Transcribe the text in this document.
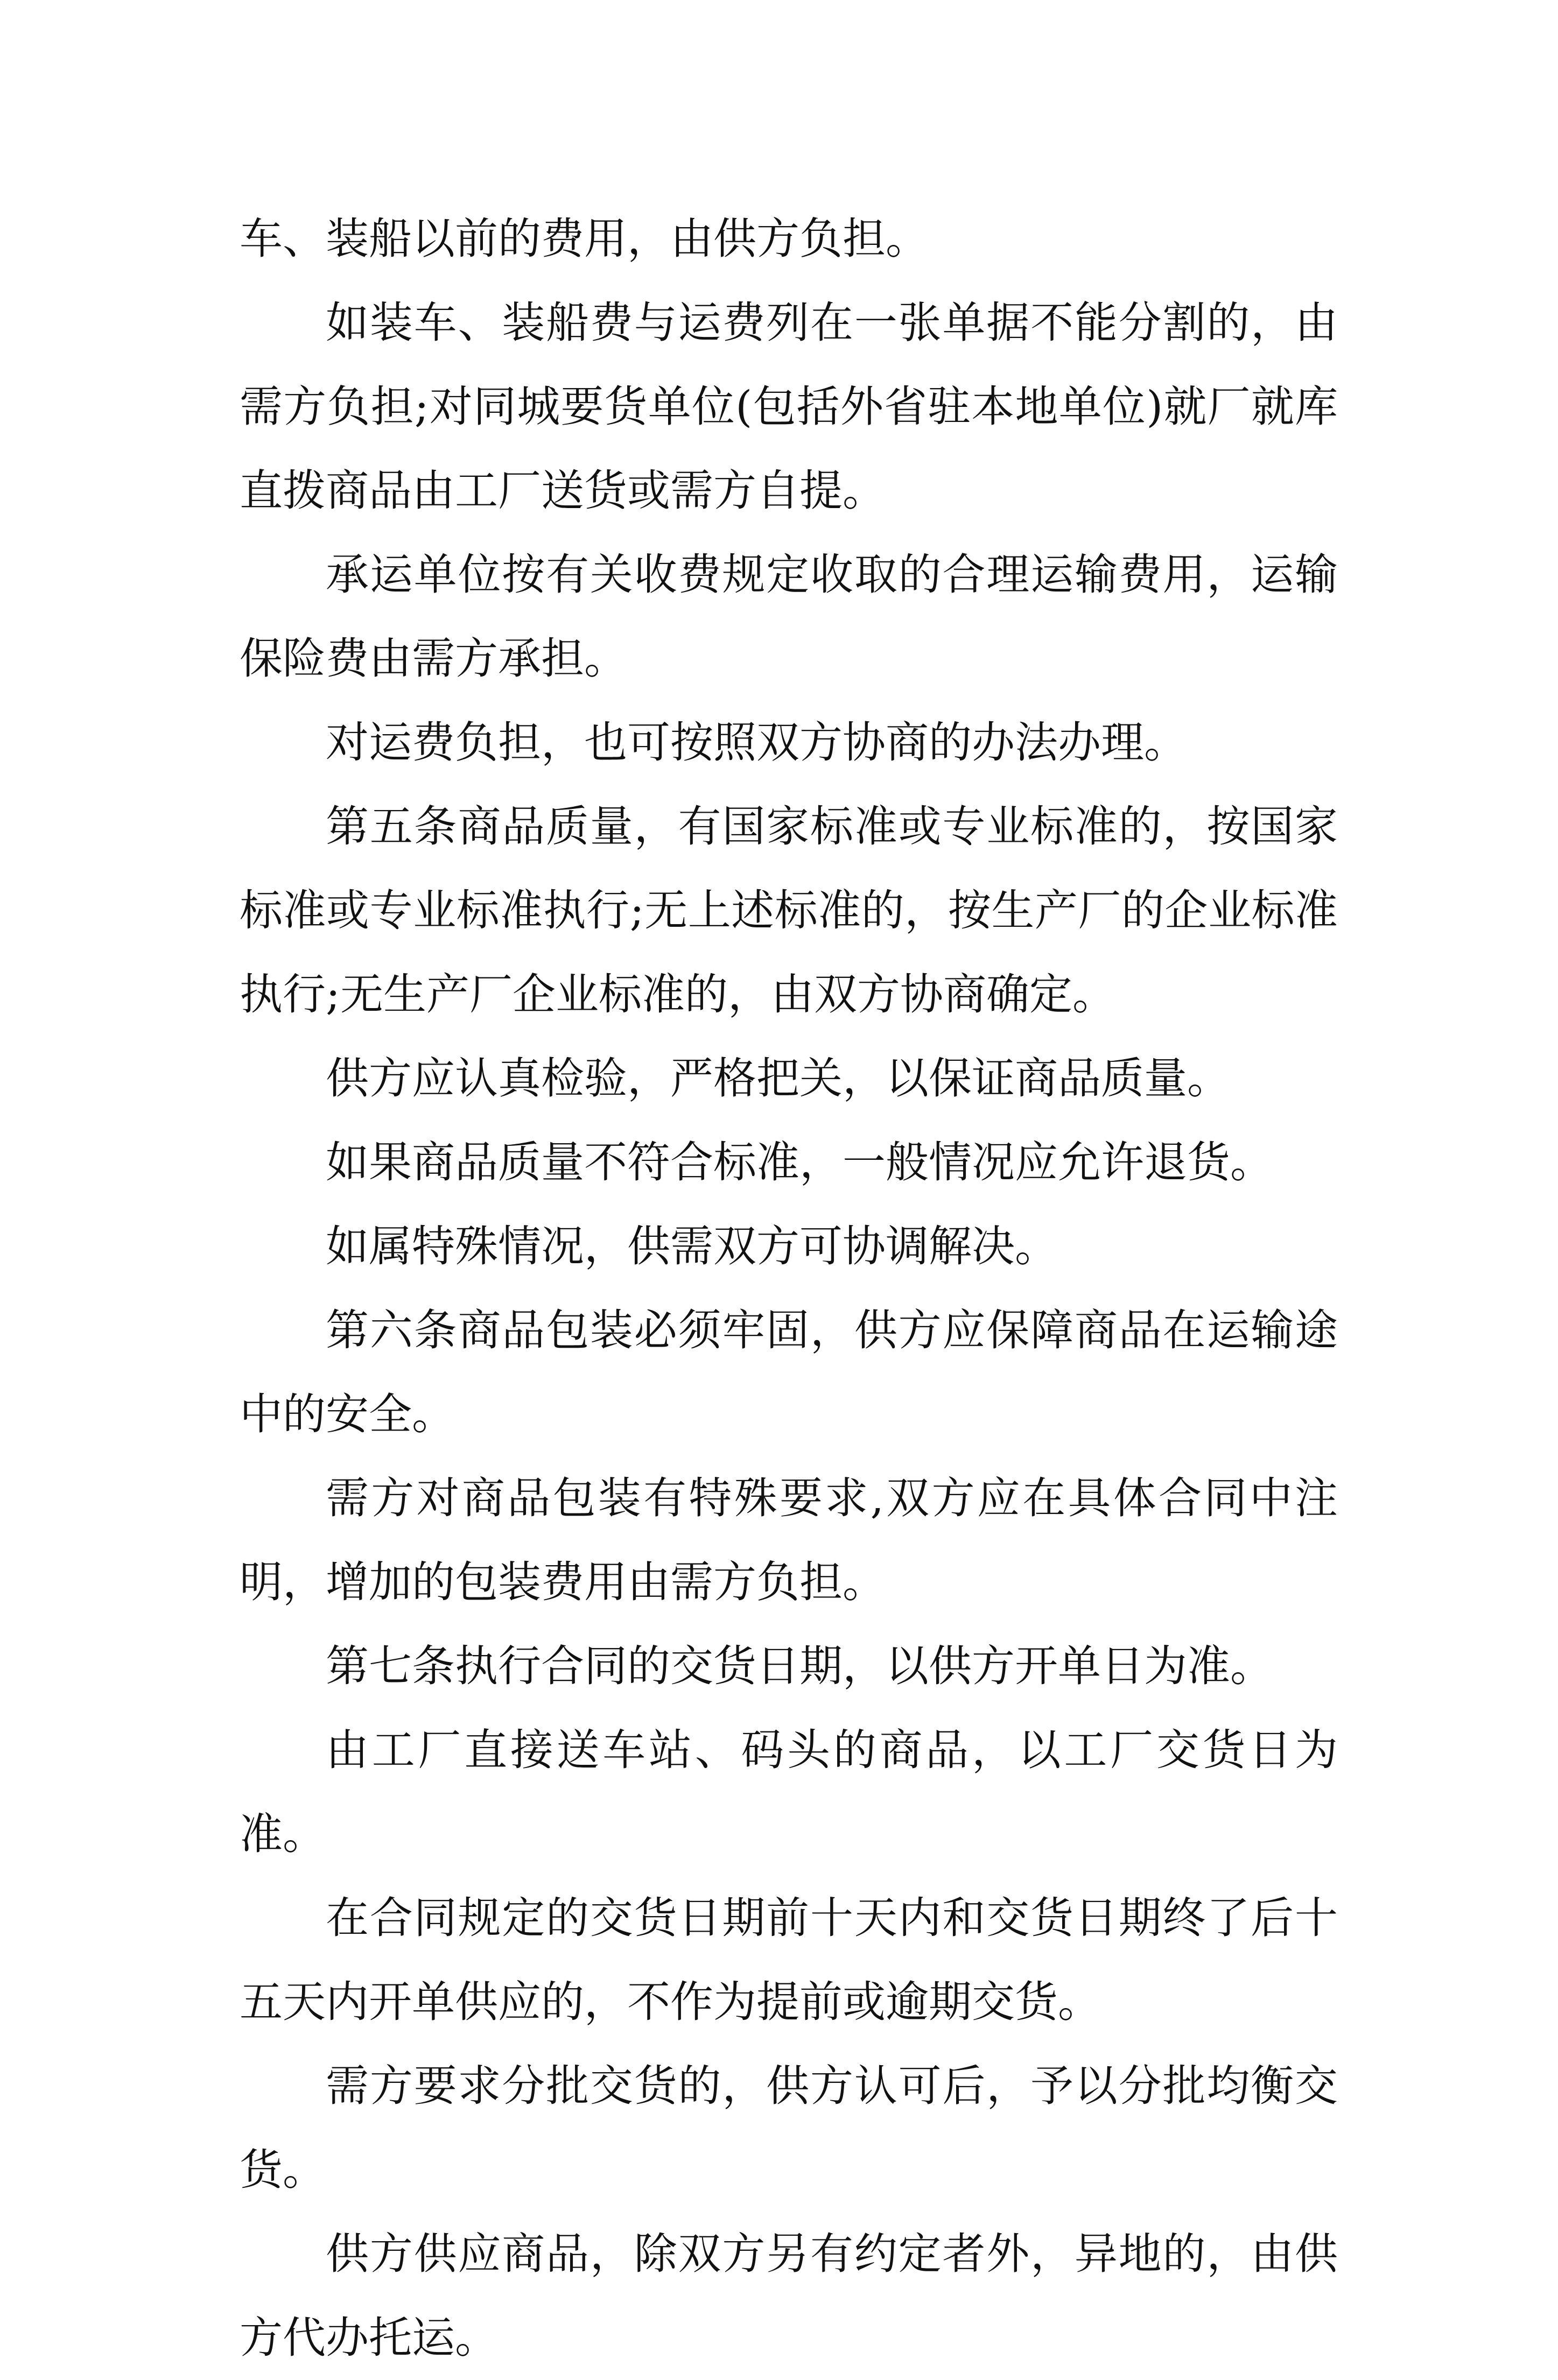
车、装船以前的费用，由供方负担。

如装车、装船费与运费列在一张单据不能分割的，由需方负担;对同城要货单位(包括外省驻本地单位)就厂就库直拨商品由工厂送货或需方自提。

承运单位按有关收费规定收取的合理运输费用，运输保险费由需方承担。

对运费负担，也可按照双方协商的办法办理。

第五条商品质量，有国家标准或专业标准的，按国家标准或专业标准执行;无上述标准的，按生产厂的企业标准执行;无生产厂企业标准的，由双方协商确定。

供方应认真检验，严格把关，以保证商品质量。

如果商品质量不符合标准，一般情况应允许退货。

如属特殊情况，供需双方可协调解决。

第六条商品包装必须牢固，供方应保障商品在运输途中的安全。

需方对商品包装有特殊要求,双方应在具体合同中注明，增加的包装费用由需方负担。

第七条执行合同的交货日期，以供方开单日为准。

由工厂直接送车站、码头的商品，以工厂交货日为准。

在合同规定的交货日期前十天内和交货日期终了后十五天内开单供应的，不作为提前或逾期交货。

需方要求分批交货的，供方认可后，予以分批均衡交货。

供方供应商品，除双方另有约定者外，异地的，由供方代办托运。
